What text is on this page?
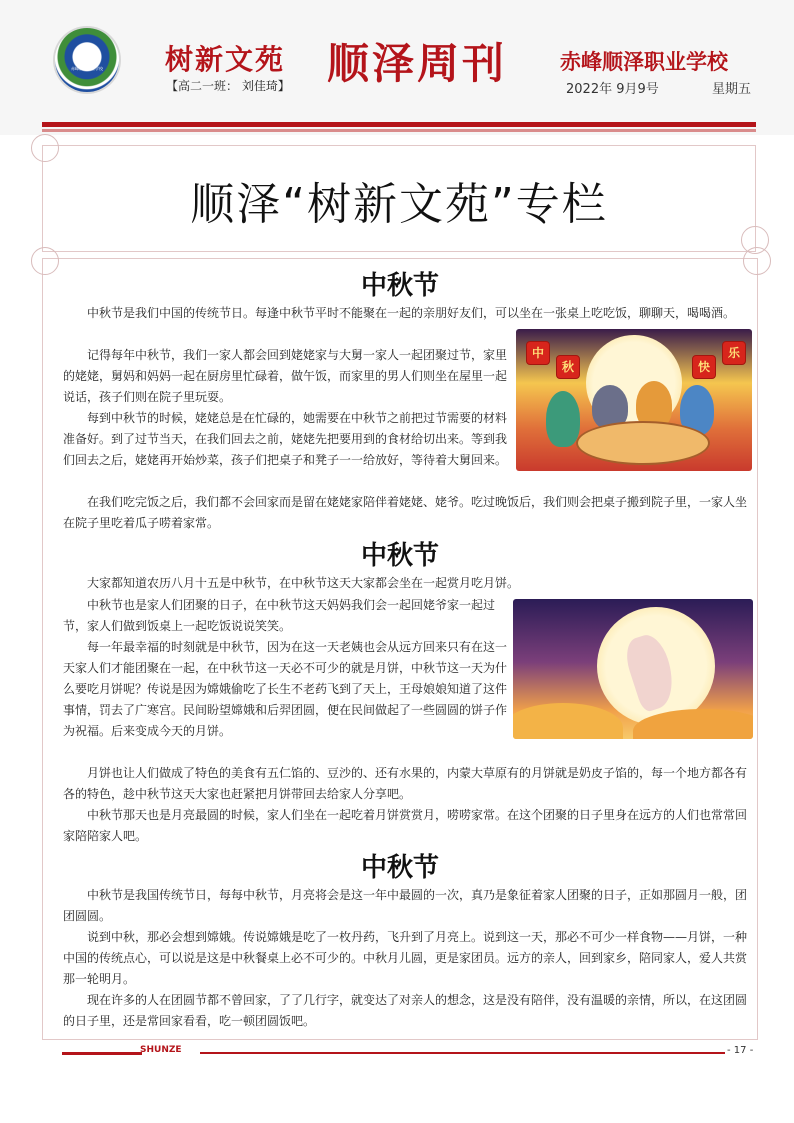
赤峰顺泽职业学校 树新文苑
【高二一班： 刘佳琦】 顺泽周刊	赤峰顺泽职业学校
2022年 9月9号	星期五
顺泽“树新文苑”专栏
中秋节

中秋节是我们中国的传统节日。每逢中秋节平时不能聚在一起的亲朋好友们，可以坐在一张桌上吃吃饭，聊聊天，喝喝酒。

记得每年中秋节，我们一家人都会回到姥姥家与大舅一家人一起团聚过节，家里的姥姥，舅妈和妈妈一起在厨房里忙碌着，做午饭，而家里的男人们则坐在屋里一起说话，孩子们则在院子里玩耍。

每到中秋节的时候，姥姥总是在忙碌的，她需要在中秋节之前把过节需要的材料准备好。到了过节当天，在我们回去之前，姥姥先把要用到的食材给切出来。等到我们回去之后，姥姥再开始炒菜，孩子们把桌子和凳子一一给放好，等待着大舅回来。

在我们吃完饭之后，我们都不会回家而是留在姥姥家陪伴着姥姥、姥爷。吃过晚饭后，我们则会把桌子搬到院子里，一家人坐在院子里吃着瓜子唠着家常。

中
秋	快
乐
中秋节

大家都知道农历八月十五是中秋节，在中秋节这天大家都会坐在一起赏月吃月饼。

中秋节也是家人们团聚的日子，在中秋节这天妈妈我们会一起回姥爷家一起过节，家人们做到饭桌上一起吃饭说说笑笑。

每一年最幸福的时刻就是中秋节，因为在这一天老姨也会从远方回来只有在这一天家人们才能团聚在一起，在中秋节这一天必不可少的就是月饼，中秋节这一天为什么要吃月饼呢？传说是因为嫦娥偷吃了长生不老药飞到了天上，王母娘娘知道了这件事情，罚去了广寒宫。民间盼望嫦娥和后羿团圆，便在民间做起了一些圆圆的饼子作为祝福。后来变成今天的月饼。

月饼也让人们做成了特色的美食有五仁馅的、豆沙的、还有水果的，内蒙大草原有的月饼就是奶皮子馅的，每一个地方都各有各的特色，趁中秋节这天大家也赶紧把月饼带回去给家人分享吧。

中秋节那天也是月亮最圆的时候，家人们坐在一起吃着月饼赏赏月，唠唠家常。在这个团聚的日子里身在远方的人们也常常回家陪陪家人吧。

中秋节

中秋节是我国传统节日，每每中秋节，月亮将会是这一年中最圆的一次，真乃是象征着家人团聚的日子，正如那圆月一般，团团圆圆。

说到中秋，那必会想到嫦娥。传说嫦娥是吃了一枚丹药，飞升到了月亮上。说到这一天，那必不可少一样食物——月饼，一种中国的传统点心，可以说是这是中秋餐桌上必不可少的。中秋月儿圆，更是家团员。远方的亲人，回到家乡，陪同家人，爱人共赏那一轮明月。

现在许多的人在团圆节都不曾回家，了了几行字，就变达了对亲人的想念，这是没有陪伴，没有温暖的亲情，所以，在这团圆的日子里，还是常回家看看，吃一顿团圆饭吧。

SHUNZE	- 17 -
